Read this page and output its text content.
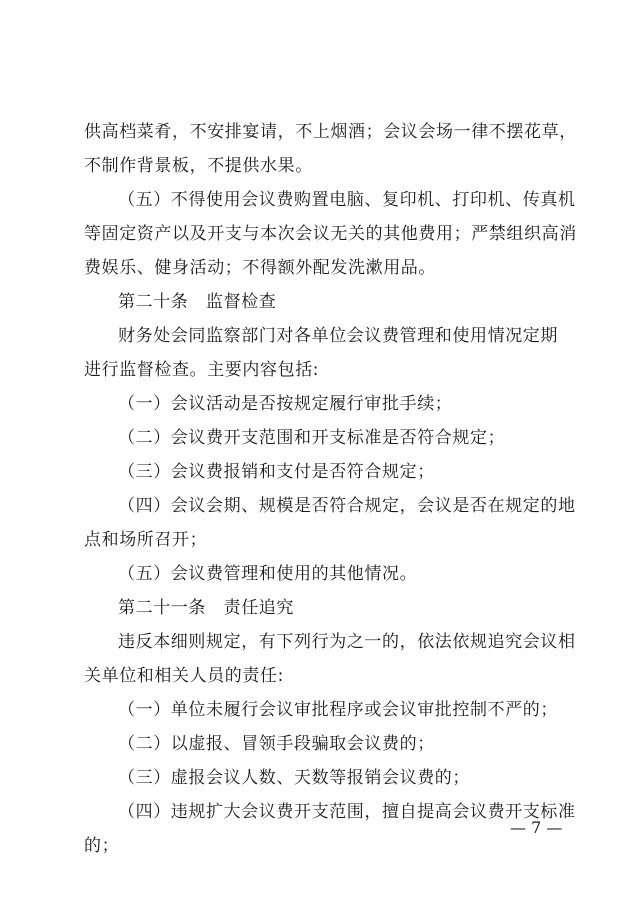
供高档菜肴，不安排宴请，不上烟酒；会议会场一律不摆花草，
不制作背景板，不提供水果。
（五）不得使用会议费购置电脑、复印机、打印机、传真机
等固定资产以及开支与本次会议无关的其他费用；严禁组织高消
费娱乐、健身活动；不得额外配发洗漱用品。
第二十条　监督检查
财务处会同监察部门对各单位会议费管理和使用情况定期
进行监督检查。主要内容包括:
（一）会议活动是否按规定履行审批手续；
（二）会议费开支范围和开支标准是否符合规定；
（三）会议费报销和支付是否符合规定；
（四）会议会期、规模是否符合规定，会议是否在规定的地
点和场所召开；
（五）会议费管理和使用的其他情况。
第二十一条　责任追究
违反本细则规定，有下列行为之一的，依法依规追究会议相
关单位和相关人员的责任:
（一）单位未履行会议审批程序或会议审批控制不严的；
（二）以虚报、冒领手段骗取会议费的；
（三）虚报会议人数、天数等报销会议费的；
（四）违规扩大会议费开支范围，擅自提高会议费开支标准
的；
— 7 —
